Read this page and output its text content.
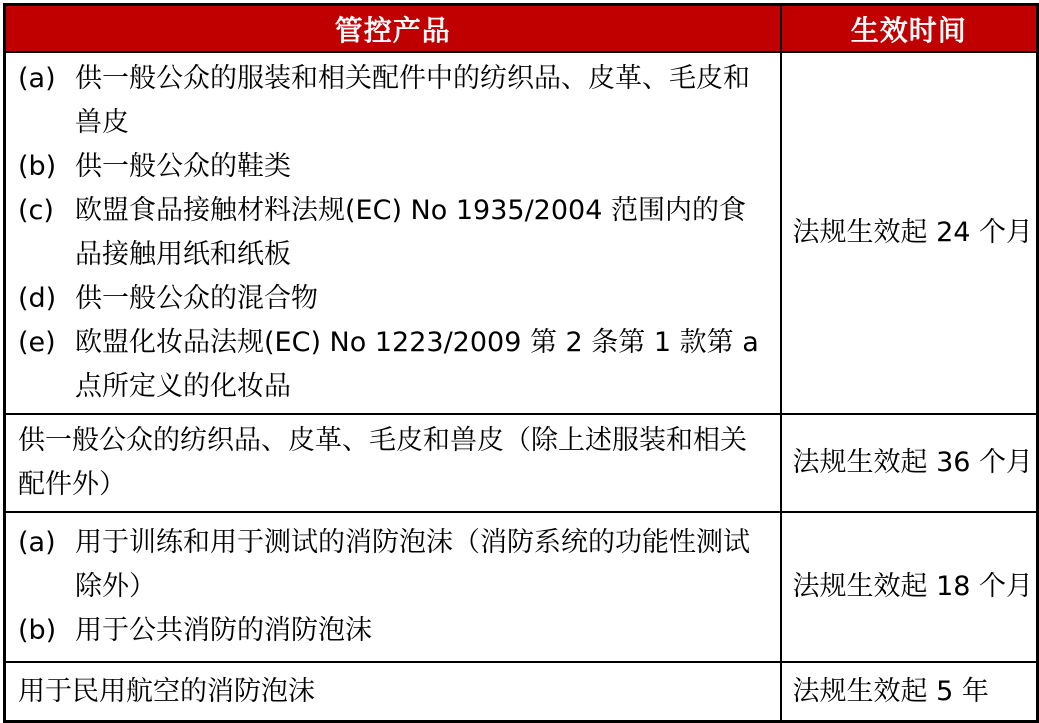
管控产品	生效时间

(a) 供一般公众的服装和相关配件中的纺织品、皮革、毛皮和兽皮
(b) 供一般公众的鞋类
(c) 欧盟食品接触材料法规(EC) No 1935/2004 范围内的食品接触用纸和纸板
(d) 供一般公众的混合物
(e) 欧盟化妆品法规(EC) No 1223/2009 第 2 条第 1 款第 a 点所定义的化妆品
	法规生效起 24 个月

供一般公众的纺织品、皮革、毛皮和兽皮（除上述服装和相关配件外）	法规生效起 36 个月

(a) 用于训练和用于测试的消防泡沫（消防系统的功能性测试除外）
(b) 用于公共消防的消防泡沫	法规生效起 18 个月

用于民用航空的消防泡沫	法规生效起 5 年
